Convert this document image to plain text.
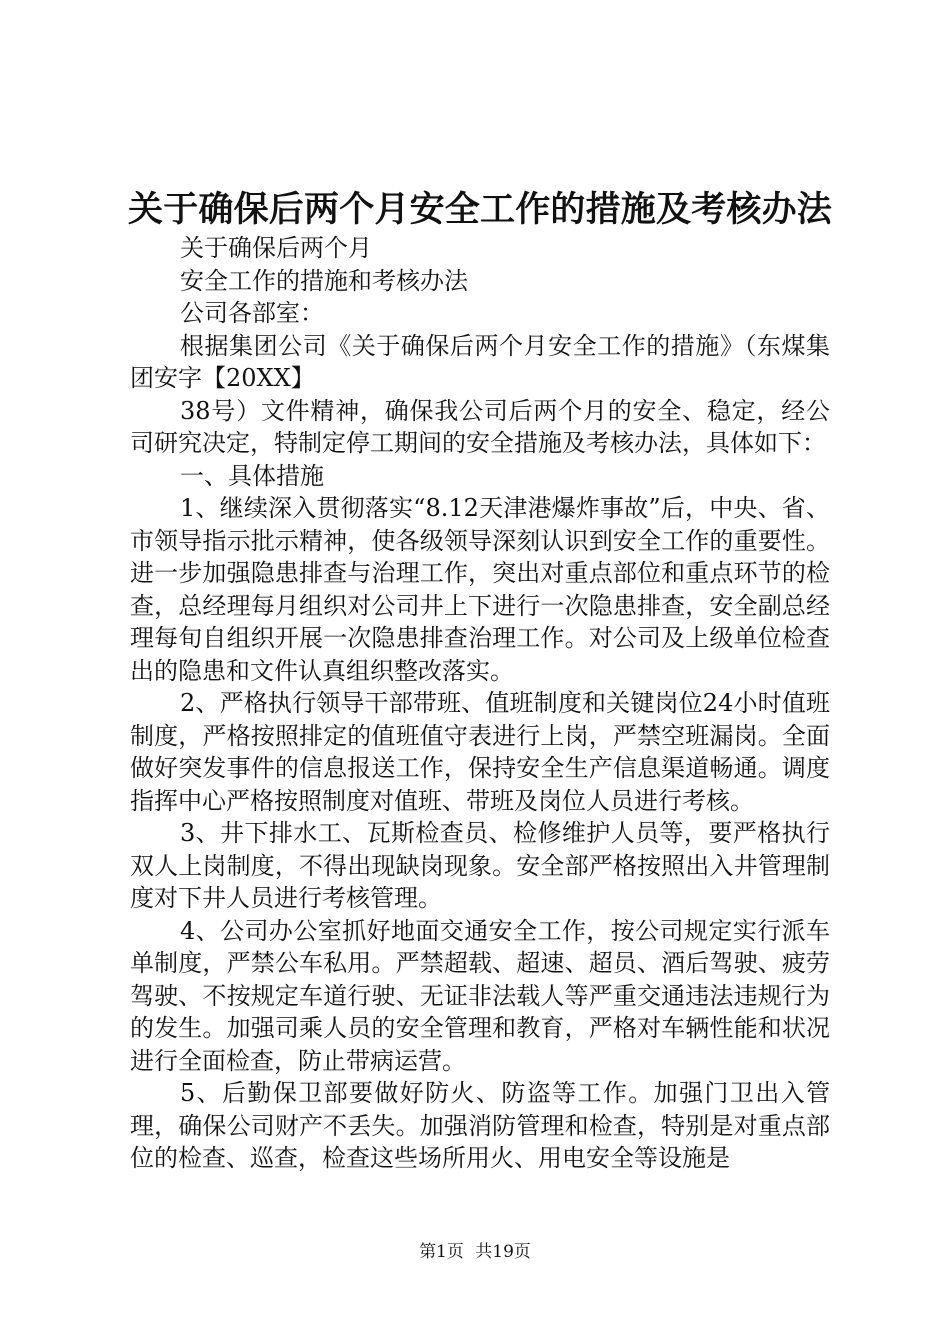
关于确保后两个月安全工作的措施及考核办法

关于确保后两个月

安全工作的措施和考核办法

公司各部室：

根据集团公司《关于确保后两个月安全工作的措施》（东煤集团安字【20XX】

38号）文件精神，确保我公司后两个月的安全、稳定，经公司研究决定，特制定停工期间的安全措施及考核办法，具体如下：

一、具体措施

1、继续深入贯彻落实“8.12天津港爆炸事故”后，中央、省、市领导指示批示精神，使各级领导深刻认识到安全工作的重要性。进一步加强隐患排查与治理工作，突出对重点部位和重点环节的检查，总经理每月组织对公司井上下进行一次隐患排查，安全副总经理每旬自组织开展一次隐患排查治理工作。对公司及上级单位检查出的隐患和文件认真组织整改落实。

2、严格执行领导干部带班、值班制度和关键岗位24小时值班制度，严格按照排定的值班值守表进行上岗，严禁空班漏岗。全面做好突发事件的信息报送工作，保持安全生产信息渠道畅通。调度指挥中心严格按照制度对值班、带班及岗位人员进行考核。

3、井下排水工、瓦斯检查员、检修维护人员等，要严格执行双人上岗制度，不得出现缺岗现象。安全部严格按照出入井管理制度对下井人员进行考核管理。

4、公司办公室抓好地面交通安全工作，按公司规定实行派车单制度，严禁公车私用。严禁超载、超速、超员、酒后驾驶、疲劳驾驶、不按规定车道行驶、无证非法载人等严重交通违法违规行为的发生。加强司乘人员的安全管理和教育，严格对车辆性能和状况进行全面检查，防止带病运营。

5、后勤保卫部要做好防火、防盗等工作。加强门卫出入管理，确保公司财产不丢失。加强消防管理和检查，特别是对重点部位的检查、巡查，检查这些场所用火、用电安全等设施是

第1页 共19页
